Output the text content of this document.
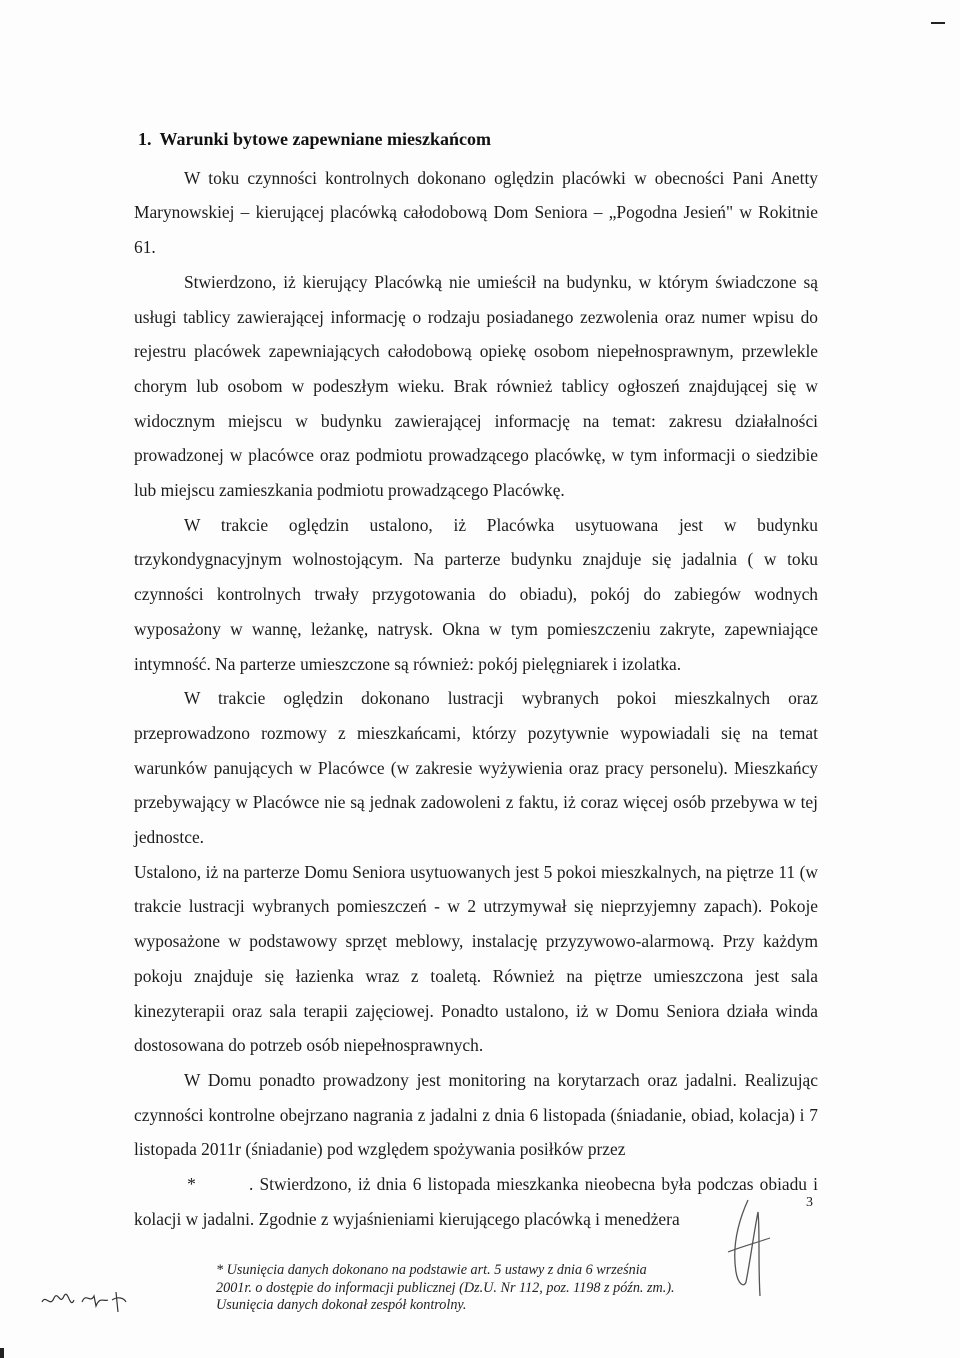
1. Warunki bytowe zapewniane mieszkańcom

W toku czynności kontrolnych dokonano oględzin placówki w obecności Pani Anetty Marynowskiej – kierującej placówką całodobową Dom Seniora – „Pogodna Jesień" w Rokitnie 61.

Stwierdzono, iż kierujący Placówką nie umieścił na budynku, w którym świadczone są usługi tablicy zawierającej informację o rodzaju posiadanego zezwolenia oraz numer wpisu do rejestru placówek zapewniających całodobową opiekę osobom niepełnosprawnym, przewlekle chorym lub osobom w podeszłym wieku. Brak również tablicy ogłoszeń znajdującej się w widocznym miejscu w budynku zawierającej informację na temat: zakresu działalności prowadzonej w placówce oraz podmiotu prowadzącego placówkę, w tym informacji o siedzibie lub miejscu zamieszkania podmiotu prowadzącego Placówkę.

W trakcie oględzin ustalono, iż Placówka usytuowana jest w budynku trzykondygnacyjnym wolnostojącym. Na parterze budynku znajduje się jadalnia ( w toku czynności kontrolnych trwały przygotowania do obiadu), pokój do zabiegów wodnych wyposażony w wannę, leżankę, natrysk. Okna w tym pomieszczeniu zakryte, zapewniające intymność. Na parterze umieszczone są również: pokój pielęgniarek i izolatka.

W trakcie oględzin dokonano lustracji wybranych pokoi mieszkalnych oraz przeprowadzono rozmowy z mieszkańcami, którzy pozytywnie wypowiadali się na temat warunków panujących w Placówce (w zakresie wyżywienia oraz pracy personelu). Mieszkańcy przebywający w Placówce nie są jednak zadowoleni z faktu, iż coraz więcej osób przebywa w tej jednostce.

Ustalono, iż na parterze Domu Seniora usytuowanych jest 5 pokoi mieszkalnych, na piętrze 11 (w trakcie lustracji wybranych pomieszczeń - w 2 utrzymywał się nieprzyjemny zapach). Pokoje wyposażone w podstawowy sprzęt meblowy, instalację przyzywowo-alarmową. Przy każdym pokoju znajduje się łazienka wraz z toaletą. Również na piętrze umieszczona jest sala kinezyterapii oraz sala terapii zajęciowej. Ponadto ustalono, iż w Domu Seniora działa winda dostosowana do potrzeb osób niepełnosprawnych.

W Domu ponadto prowadzony jest monitoring na korytarzach oraz jadalni. Realizując czynności kontrolne obejrzano nagrania z jadalni z dnia 6 listopada (śniadanie, obiad, kolacja) i 7 listopada 2011r (śniadanie) pod względem spożywania posiłków przez

*	. Stwierdzono, iż dnia 6 listopada mieszkanka nieobecna była podczas obiadu i kolacji w jadalni. Zgodnie z wyjaśnieniami kierującego placówką i menedżera

3
* Usunięcia danych dokonano na podstawie art. 5 ustawy z dnia 6 września 2001r. o dostępie do informacji publicznej (Dz.U. Nr 112, poz. 1198 z późn. zm.). Usunięcia danych dokonał zespół kontrolny.
